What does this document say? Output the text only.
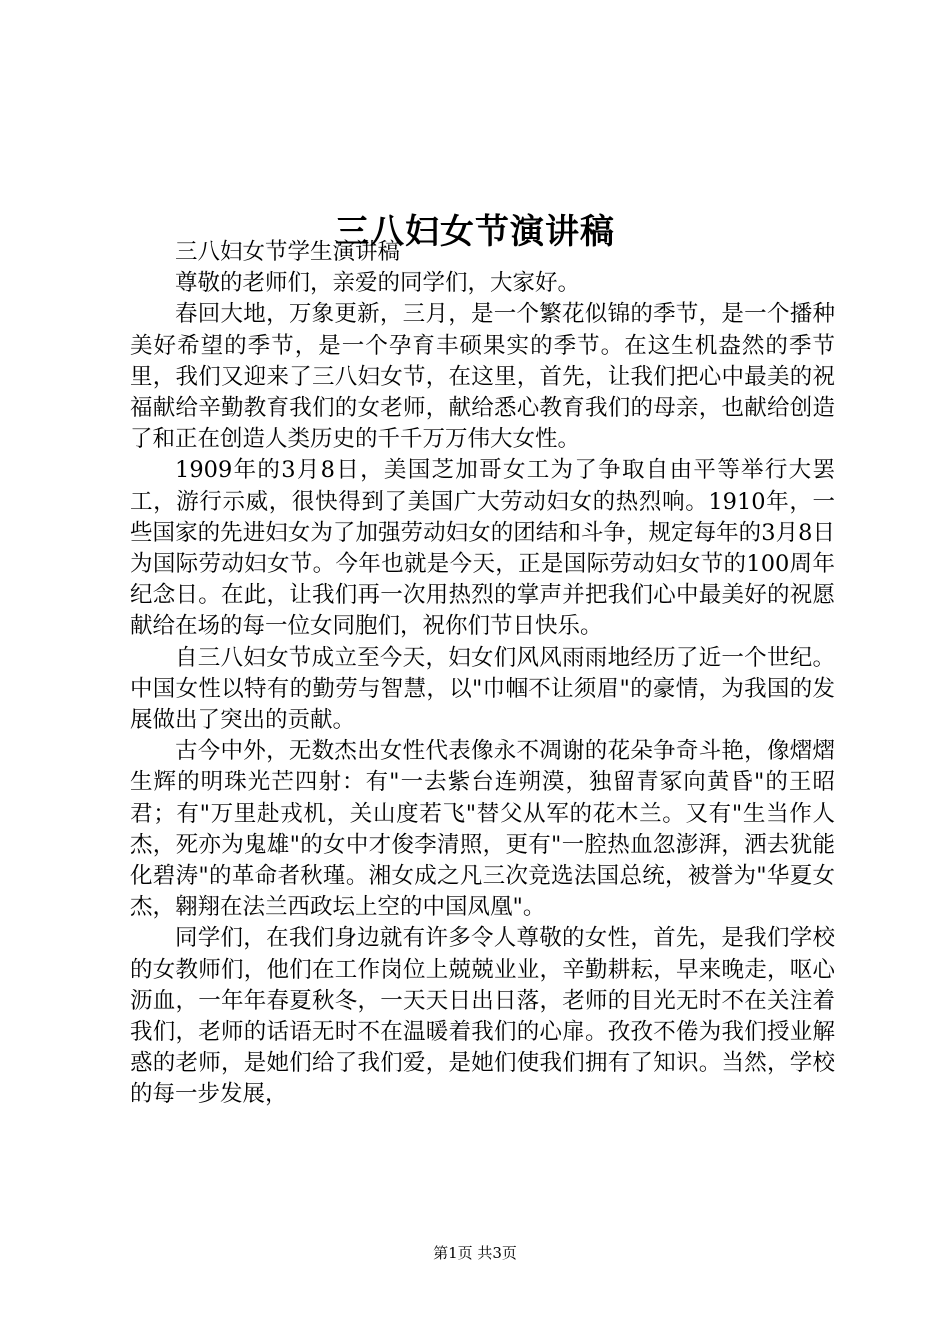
三八妇女节演讲稿

三八妇女节学生演讲稿

尊敬的老师们，亲爱的同学们，大家好。

春回大地，万象更新，三月，是一个繁花似锦的季节，是一个播种美好希望的季节，是一个孕育丰硕果实的季节。在这生机盎然的季节里，我们又迎来了三八妇女节，在这里，首先，让我们把心中最美的祝福献给辛勤教育我们的女老师，献给悉心教育我们的母亲，也献给创造了和正在创造人类历史的千千万万伟大女性。

1909年的3月8日，美国芝加哥女工为了争取自由平等举行大罢工，游行示威，很快得到了美国广大劳动妇女的热烈响。1910年，一些国家的先进妇女为了加强劳动妇女的团结和斗争，规定每年的3月8日为国际劳动妇女节。今年也就是今天，正是国际劳动妇女节的100周年纪念日。在此，让我们再一次用热烈的掌声并把我们心中最美好的祝愿献给在场的每一位女同胞们，祝你们节日快乐。

自三八妇女节成立至今天，妇女们风风雨雨地经历了近一个世纪。中国女性以特有的勤劳与智慧，以"巾帼不让须眉"的豪情，为我国的发展做出了突出的贡献。

古今中外，无数杰出女性代表像永不凋谢的花朵争奇斗艳，像熠熠生辉的明珠光芒四射：有"一去紫台连朔漠，独留青冢向黄昏"的王昭君；有"万里赴戎机，关山度若飞"替父从军的花木兰。又有"生当作人杰，死亦为鬼雄"的女中才俊李清照，更有"一腔热血忽澎湃，洒去犹能化碧涛"的革命者秋瑾。湘女成之凡三次竞选法国总统，被誉为"华夏女杰，翱翔在法兰西政坛上空的中国凤凰"。

同学们，在我们身边就有许多令人尊敬的女性，首先，是我们学校的女教师们，他们在工作岗位上兢兢业业，辛勤耕耘，早来晚走，呕心沥血，一年年春夏秋冬，一天天日出日落，老师的目光无时不在关注着我们，老师的话语无时不在温暖着我们的心扉。孜孜不倦为我们授业解惑的老师，是她们给了我们爱，是她们使我们拥有了知识。当然，学校的每一步发展，

第1页 共3页
